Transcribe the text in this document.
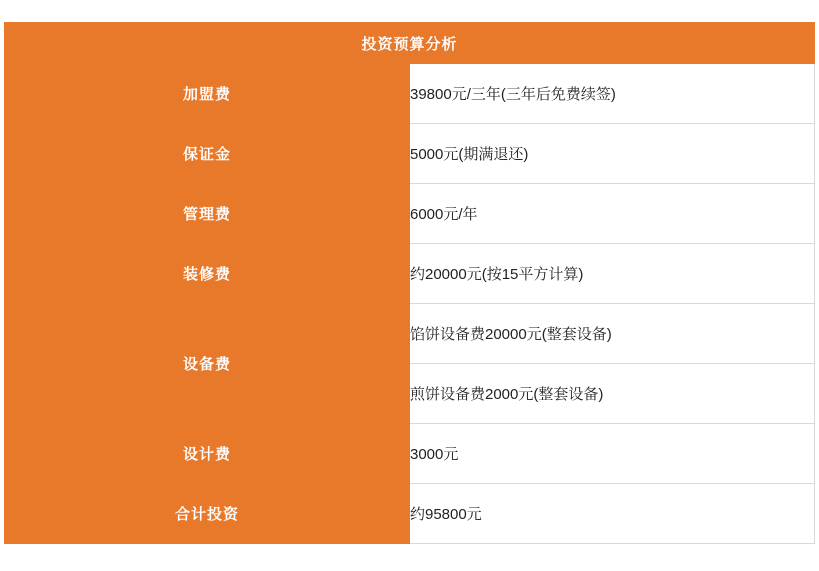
投资预算分析	
加盟费	39800元/三年(三年后免费续签)
保证金	5000元(期满退还)
管理费	6000元/年
装修费	约20000元(按15平方计算)
设备费	馅饼设备费20000元(整套设备)
	煎饼设备费2000元(整套设备)
设计费	3000元
合计投资	约95800元
